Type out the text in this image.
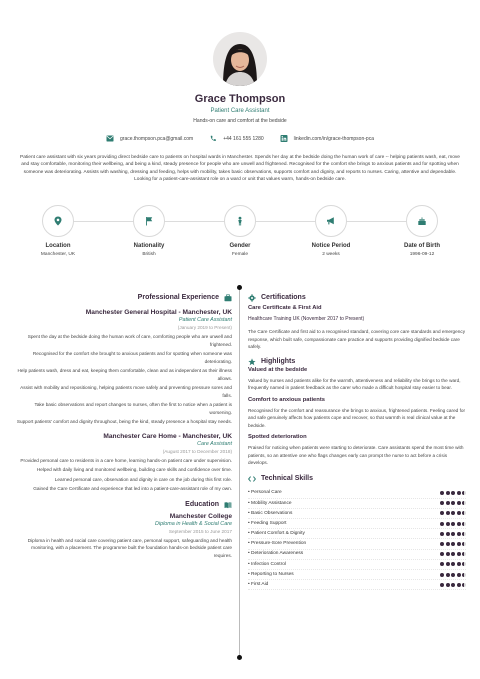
Grace Thompson
Patient Care Assistant
Hands-on care and comfort at the bedside
grace.thompson.pca@gmail.com	+44 161 555 1280	linkedin.com/in/grace-thompson-pca
Patient care assistant with six years providing direct bedside care to patients on hospital wards in Manchester. Spends her day at the bedside doing the human work of care -- helping patients wash, eat, move and stay comfortable, monitoring their wellbeing, and being a kind, steady presence for people who are unwell and frightened. Recognised for the comfort she brings to anxious patients and for spotting when someone was deteriorating. Assists with washing, dressing and feeding, helps with mobility, takes basic observations, supports comfort and dignity, and reports to nurses. Caring, attentive and dependable. Looking for a patient-care-assistant role on a ward or unit that values warm, hands-on bedside care.
Location
Manchester, UK
Nationality
British
Gender
Female
Notice Period
2 weeks
Date of Birth
1996-09-12
Professional Experience
Manchester General Hospital - Manchester, UK
Patient Care Assistant
(January 2019 to Present)
Spent the day at the bedside doing the human work of care, comforting people who are unwell and frightened.
Recognised for the comfort she brought to anxious patients and for spotting when someone was deteriorating.
Help patients wash, dress and eat, keeping them comfortable, clean and as independent as their illness allows.
Assist with mobility and repositioning, helping patients move safely and preventing pressure sores and falls.
Take basic observations and report changes to nurses, often the first to notice when a patient is worsening.
Support patients' comfort and dignity throughout, being the kind, steady presence a hospital stay needs.
Manchester Care Home - Manchester, UK
Care Assistant
(August 2017 to December 2018)
Provided personal care to residents in a care home, learning hands-on patient care under supervision.
Helped with daily living and monitored wellbeing, building care skills and confidence over time.
Learned personal care, observation and dignity in care on the job during this first role.
Gained the Care Certificate and experience that led into a patient-care-assistant role of my own.
Education
Manchester College
Diploma in Health & Social Care
September 2015 to June 2017
Diploma in health and social care covering patient care, personal support, safeguarding and health monitoring, with a placement. The programme built the foundation hands-on bedside patient care requires.
Certifications
Care Certificate & First Aid
Healthcare Training UK (November 2017 to Present)
The Care Certificate and first aid to a recognised standard, covering core care standards and emergency response, which built safe, compassionate care practice and supports providing dignified bedside care safely.
Highlights
Valued at the bedside
Valued by nurses and patients alike for the warmth, attentiveness and reliability she brings to the ward, frequently named in patient feedback as the carer who made a difficult hospital stay easier to bear.
Comfort to anxious patients
Recognised for the comfort and reassurance she brings to anxious, frightened patients. Feeling cared for and safe genuinely affects how patients cope and recover, so that warmth is real clinical value at the bedside.
Spotted deterioration
Praised for noticing when patients were starting to deteriorate. Care assistants spend the most time with patients, so an attentive one who flags changes early can prompt the nurse to act before a crisis develops.
Technical Skills
• Personal Care
• Mobility Assistance
• Basic Observations
• Feeding Support
• Patient Comfort & Dignity
• Pressure-Sore Prevention
• Deterioration Awareness
• Infection Control
• Reporting to Nurses
• First Aid
